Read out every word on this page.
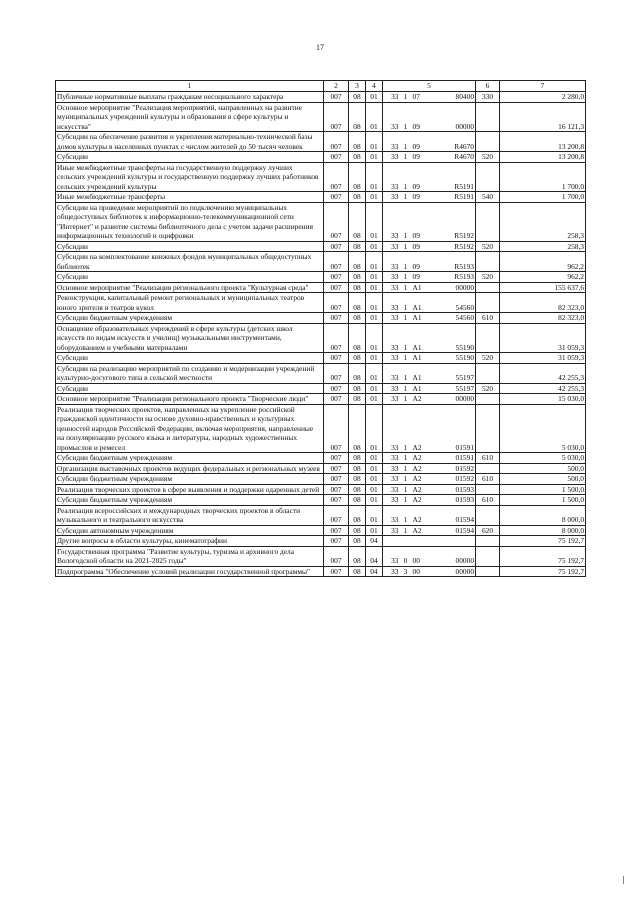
17
1	2	3	4	5				6	7
Публичные нормативные выплаты гражданам несоциального характера	007	08	01	33	1	07	80400	330	2 280,0
Основное мероприятие "Реализация мероприятий, направленных на развитие муниципальных учреждений культуры и образования в сфере культуры и искусства"	007	08	01	33	1	09	00000		16 121,3
Субсидии на обеспечение развития и укрепления материально-технической базы домов культуры в населенных пунктах с числом жителей до 50 тысяч человек	007	08	01	33	1	09	R4670		13 200,8
Субсидии	007	08	01	33	1	09	R4670	520	13 200,8
Иные межбюджетные трансферты на государственную поддержку лучших сельских учреждений культуры и государственную поддержку лучших работников сельских учреждений культуры	007	08	01	33	1	09	R5191		1 700,0
Иные межбюджетные трансферты	007	08	01	33	1	09	R5191	540	1 700,0
Субсидии на проведение мероприятий по подключению муниципальных общедоступных библиотек к информационно-телекоммуникационной сети "Интернет" и развитие системы библиотечного дела с учетом задачи расширения информационных технологий и оцифровки	007	08	01	33	1	09	R5192		258,3
Субсидии	007	08	01	33	1	09	R5192	520	258,3
Субсидии на комплектование книжных фондов муниципальных общедоступных библиотек	007	08	01	33	1	09	R5193		962,2
Субсидии	007	08	01	33	1	09	R5193	520	962,2
Основное мероприятие "Реализация регионального проекта "Культурная среда"	007	08	01	33	1	A1	00000		155 637,6
Реконструкция, капитальный ремонт региональных и муниципальных театров юного зрителя и театров кукол	007	08	01	33	1	A1	54560		82 323,0
Субсидии бюджетным учреждениям	007	08	01	33	1	A1	54560	610	82 323,0
Оснащение образовательных учреждений в сфере культуры (детских школ искусств по видам искусств и училищ) музыкальными инструментами, оборудованием и учебными материалами	007	08	01	33	1	A1	55190		31 059,3
Субсидии	007	08	01	33	1	A1	55190	520	31 059,3
Субсидии на реализацию мероприятий по созданию и модернизации учреждений культурно-досугового типа в сельской местности	007	08	01	33	1	A1	55197		42 255,3
Субсидии	007	08	01	33	1	A1	55197	520	42 255,3
Основное мероприятие "Реализация регионального проекта "Творческие люди"	007	08	01	33	1	A2	00000		15 030,0
Реализация творческих проектов, направленных на укрепление российской гражданской идентичности на основе духовно-нравственных и культурных ценностей народов Российской Федерации, включая мероприятия, направленные на популяризацию русского языка и литературы, народных художественных промыслов и ремесел	007	08	01	33	1	A2	01591		5 030,0
Субсидии бюджетным учреждениям	007	08	01	33	1	A2	01591	610	5 030,0
Организация выставочных проектов ведущих федеральных и региональных музеев	007	08	01	33	1	A2	01592		500,0
Субсидии бюджетным учреждениям	007	08	01	33	1	A2	01592	610	500,0
Реализация творческих проектов в сфере выявления и поддержки одаренных детей	007	08	01	33	1	A2	01593		1 500,0
Субсидии бюджетным учреждениям	007	08	01	33	1	A2	01593	610	1 500,0
Реализация всероссийских и международных творческих проектов в области музыкального и театрального искусства	007	08	01	33	1	A2	01594		8 000,0
Субсидии автономным учреждениям	007	08	01	33	1	A2	01594	620	8 000,0
Другие вопросы в области культуры, кинематографии	007	08	04						75 192,7
Государственная программа "Развитие культуры, туризма и архивного дела Вологодской области на 2021-2025 годы"	007	08	04	33	0	00	00000		75 192,7
Подпрограмма "Обеспечение условий реализации государственной программы"	007	08	04	33	3	00	00000		75 192,7
